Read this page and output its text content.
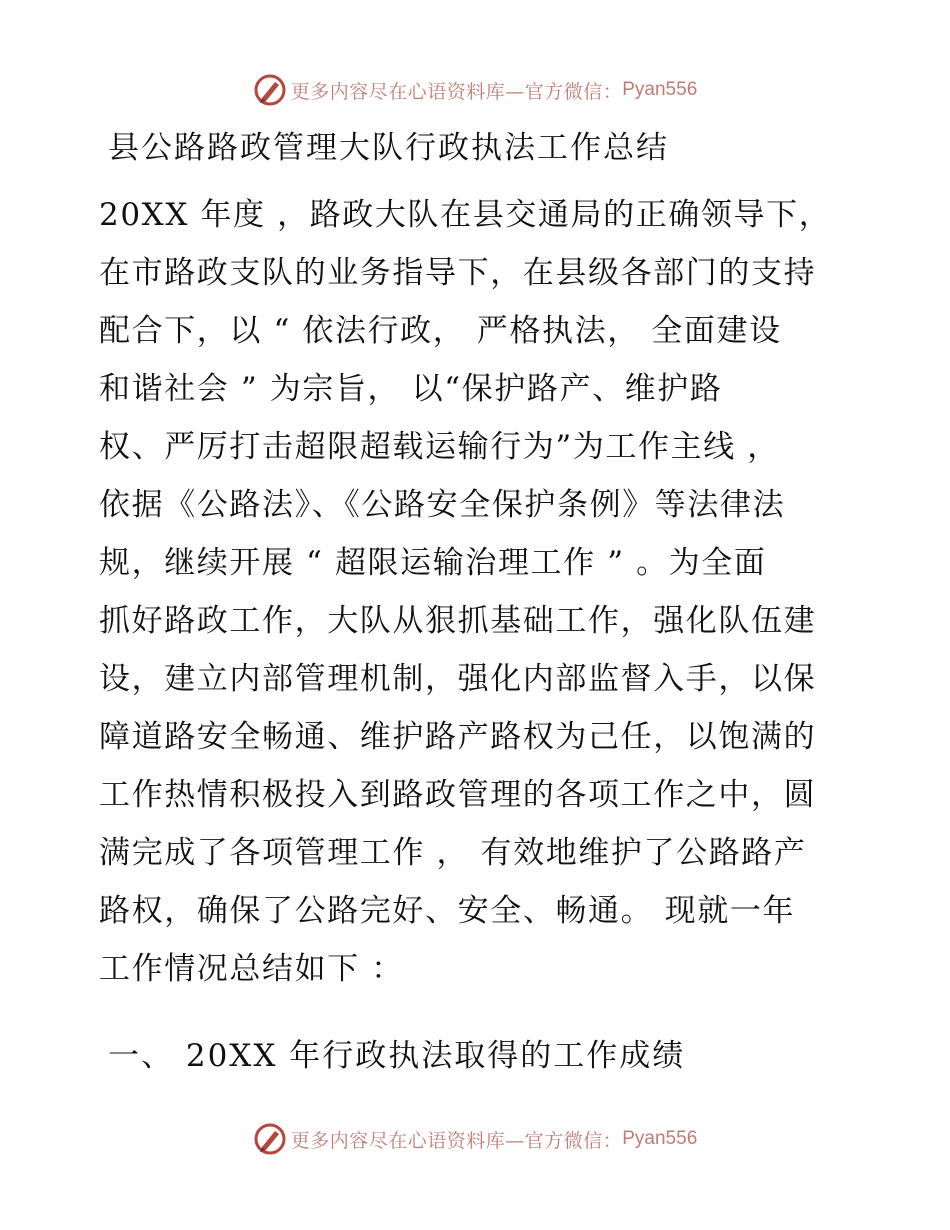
更多内容尽在心语资料库—官方微信： Pyan556
县公路路政管理大队行政执法工作总结
20XX 年度 ，路政大队在县交通局的正确领导下，
在市路政支队的业务指导下，在县级各部门的支持
配合下，以 “ 依法行政， 严格执法， 全面建设
和谐社会 ” 为宗旨， 以“保护路产、维护路
权、严厉打击超限超载运输行为”为工作主线 ，
依据《公路法》、《公路安全保护条例》等法律法
规，继续开展 “ 超限运输治理工作 ” 。为全面
抓好路政工作，大队从狠抓基础工作，强化队伍建
设，建立内部管理机制，强化内部监督入手，以保
障道路安全畅通、维护路产路权为己任，以饱满的
工作热情积极投入到路政管理的各项工作之中，圆
满完成了各项管理工作 ， 有效地维护了公路路产
路权，确保了公路完好、安全、畅通。 现就一年
工作情况总结如下 ：
一、 20XX 年行政执法取得的工作成绩
更多内容尽在心语资料库—官方微信： Pyan556
